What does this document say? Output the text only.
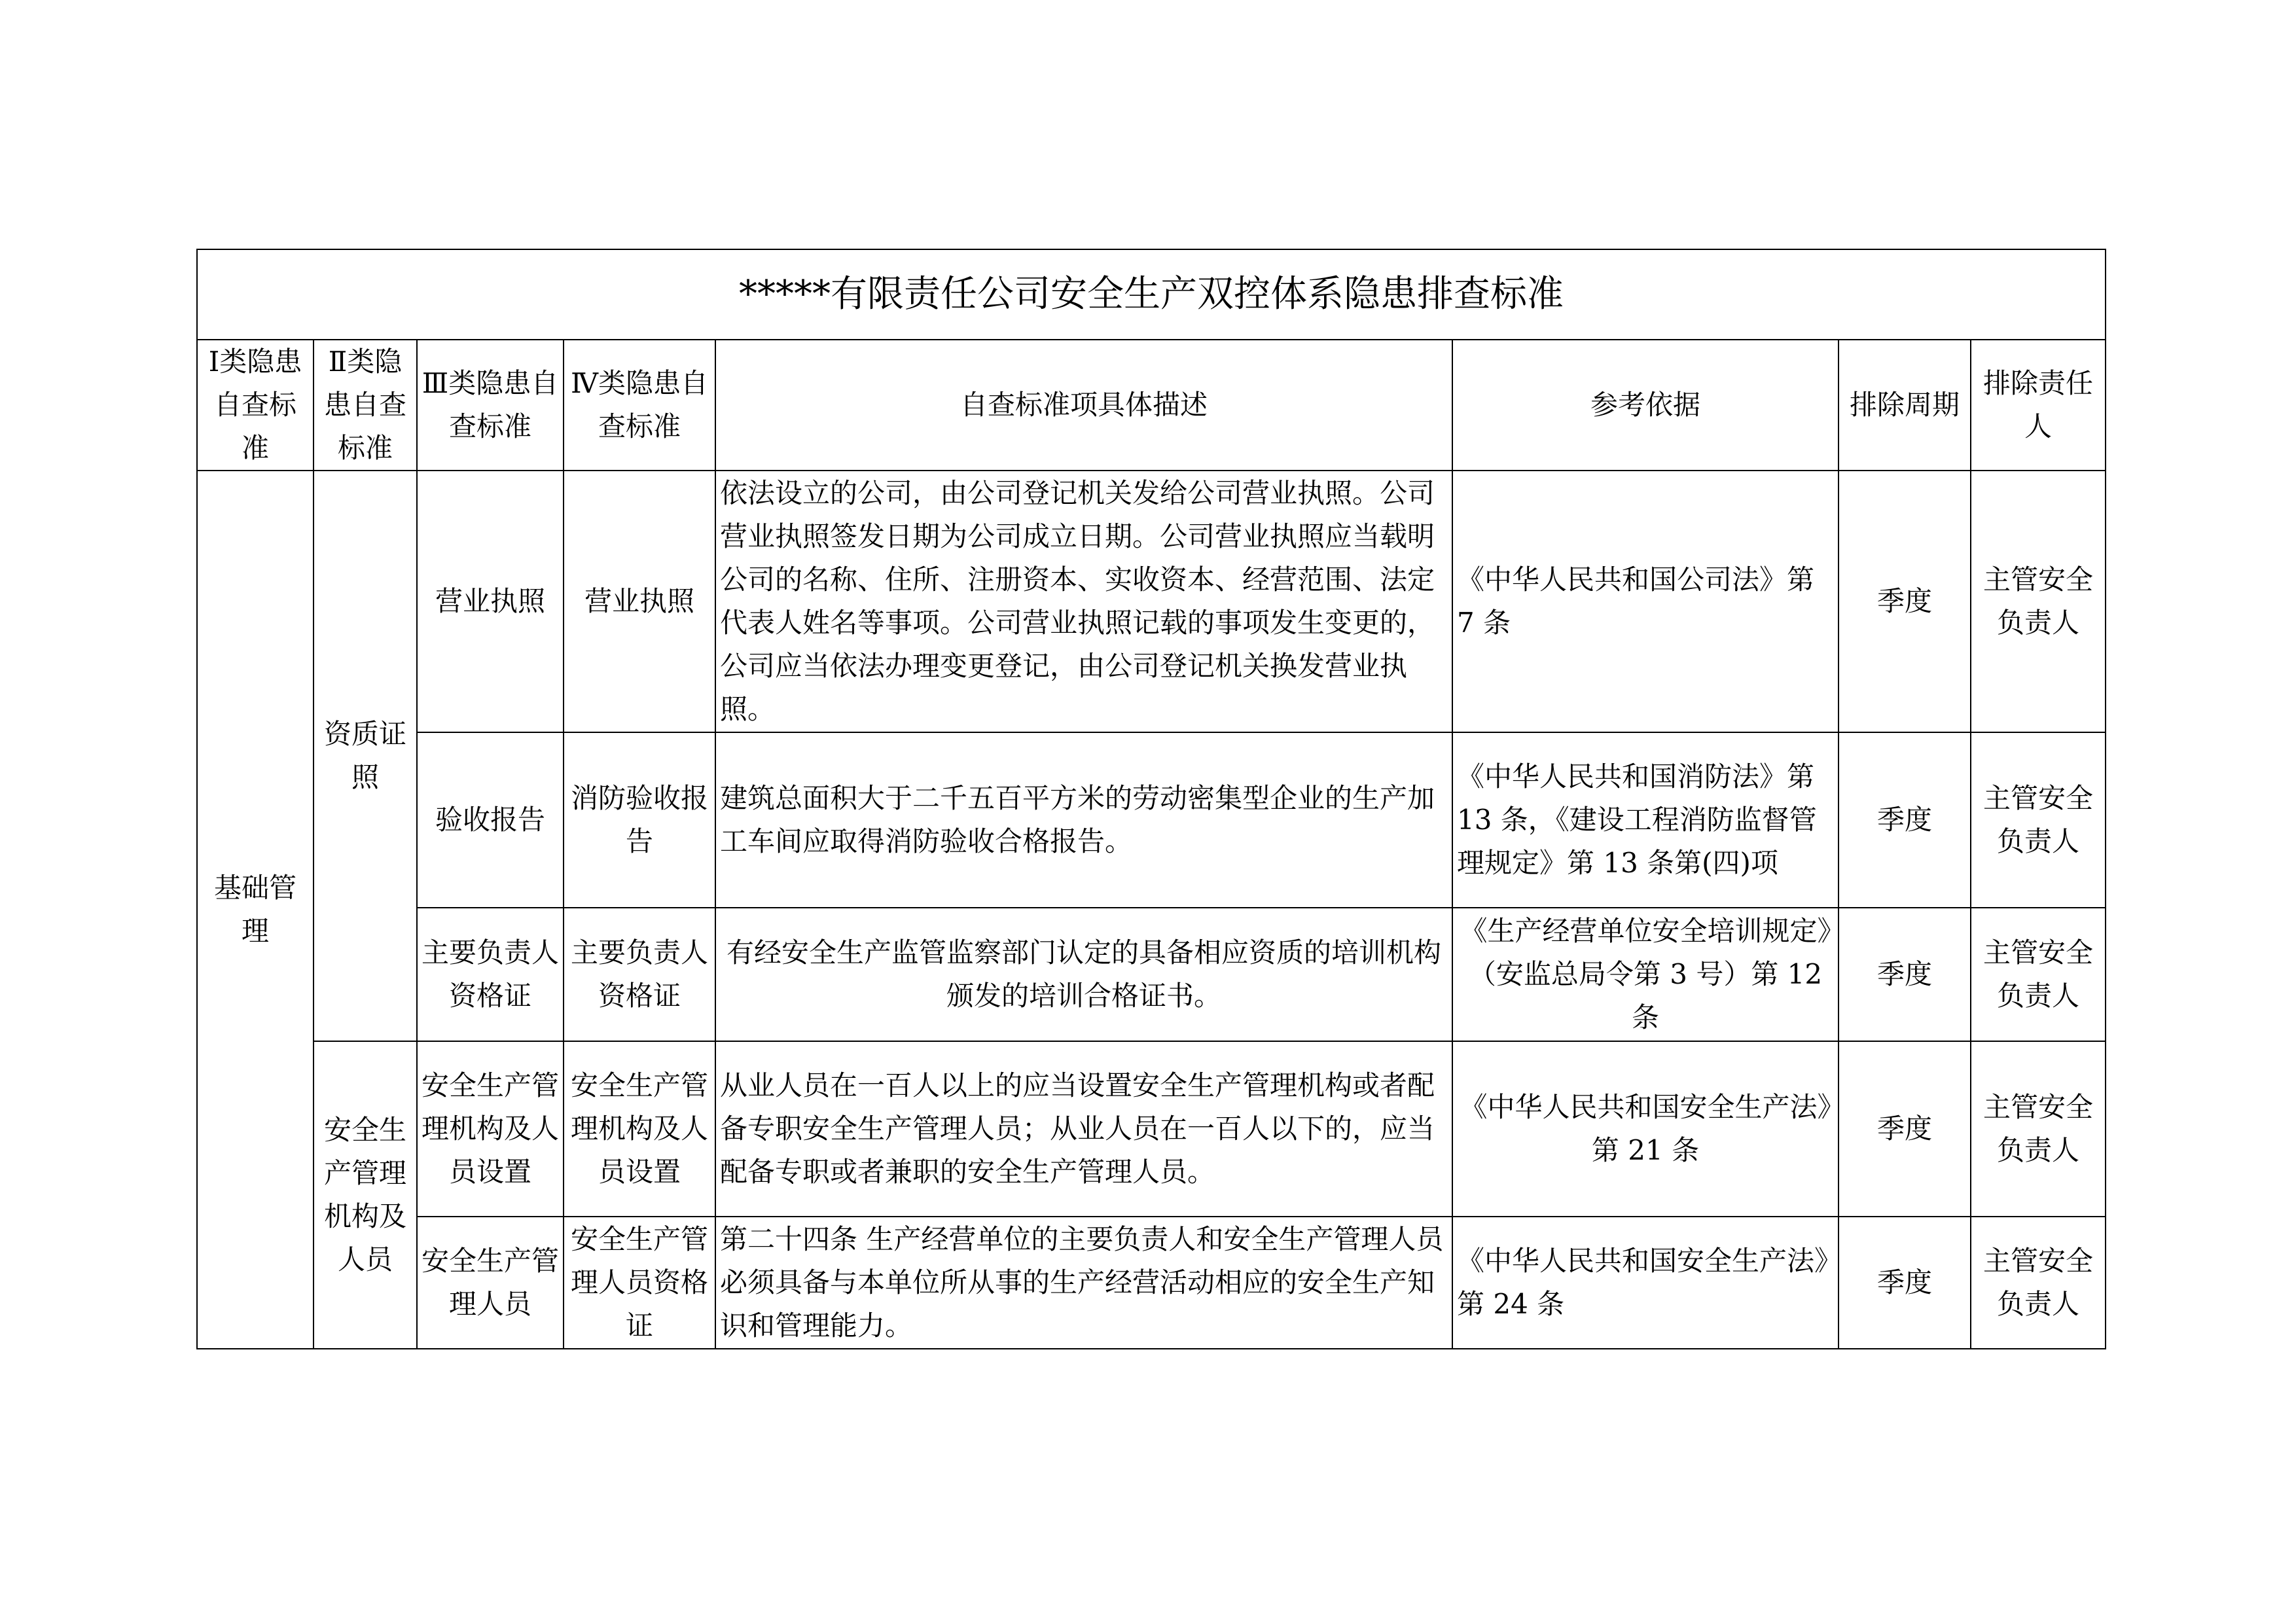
*****有限责任公司安全生产双控体系隐患排查标准							
Ⅰ类隐患自查标准	Ⅱ类隐患自查标准	Ⅲ类隐患自查标准	Ⅳ类隐患自查标准	自查标准项具体描述	参考依据	排除周期	排除责任人
基础管理	资质证照	营业执照	营业执照	依法设立的公司，由公司登记机关发给公司营业执照。公司营业执照签发日期为公司成立日期。公司营业执照应当载明公司的名称、住所、注册资本、实收资本、经营范围、法定代表人姓名等事项。公司营业执照记载的事项发生变更的，公司应当依法办理变更登记，由公司登记机关换发营业执照。	《中华人民共和国公司法》第 7 条	季度	主管安全负责人
		验收报告	消防验收报告	建筑总面积大于二千五百平方米的劳动密集型企业的生产加工车间应取得消防验收合格报告。	《中华人民共和国消防法》第 13 条，《建设工程消防监督管理规定》第 13 条第(四)项	季度	主管安全负责人
		主要负责人资格证	主要负责人资格证	有经安全生产监管监察部门认定的具备相应资质的培训机构颁发的培训合格证书。	《生产经营单位安全培训规定》（安监总局令第 3 号）第 12 条	季度	主管安全负责人
	安全生产管理机构及人员	安全生产管理机构及人员设置	安全生产管理机构及人员设置	从业人员在一百人以上的应当设置安全生产管理机构或者配备专职安全生产管理人员；从业人员在一百人以下的，应当配备专职或者兼职的安全生产管理人员。	《中华人民共和国安全生产法》第 21 条	季度	主管安全负责人
		安全生产管理人员	安全生产管理人员资格证	第二十四条 生产经营单位的主要负责人和安全生产管理人员必须具备与本单位所从事的生产经营活动相应的安全生产知识和管理能力。	《中华人民共和国安全生产法》第 24 条	季度	主管安全负责人
